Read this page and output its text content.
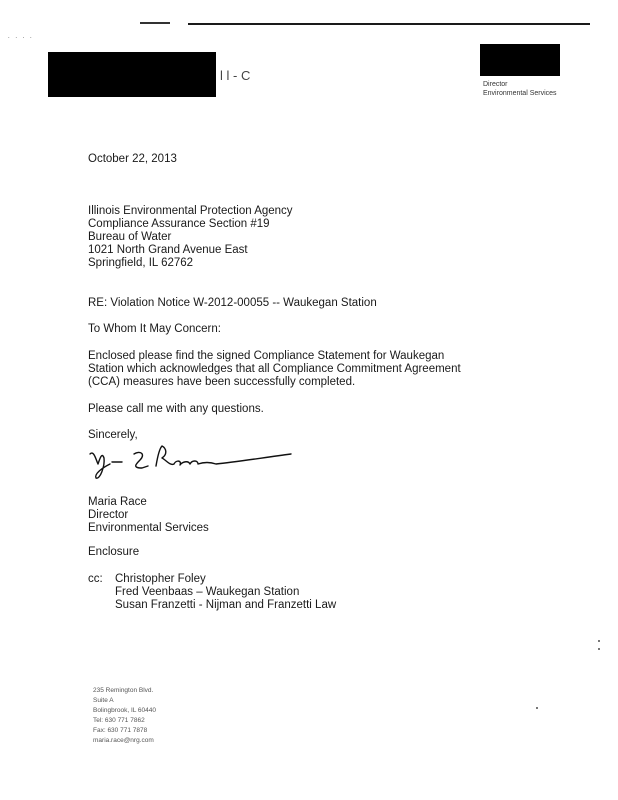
. . . .
l l - C
Director
Environmental Services
October 22, 2013
Illinois Environmental Protection Agency
Compliance Assurance Section #19
Bureau of Water
1021 North Grand Avenue East
Springfield, IL 62762
RE: Violation Notice W-2012-00055 -- Waukegan Station
To Whom It May Concern:
Enclosed please find the signed Compliance Statement for Waukegan Station which acknowledges that all Compliance Commitment Agreement (CCA) measures have been successfully completed.
Please call me with any questions.
Sincerely,
Maria Race
Director
Environmental Services
Enclosure
cc: Christopher Foley
Fred Veenbaas – Waukegan Station
Susan Franzetti - Nijman and Franzetti Law
235 Remington Blvd.
Suite A
Bolingbrook, IL 60440
Tel: 630 771 7862
Fax: 630 771 7878
maria.race@nrg.com
